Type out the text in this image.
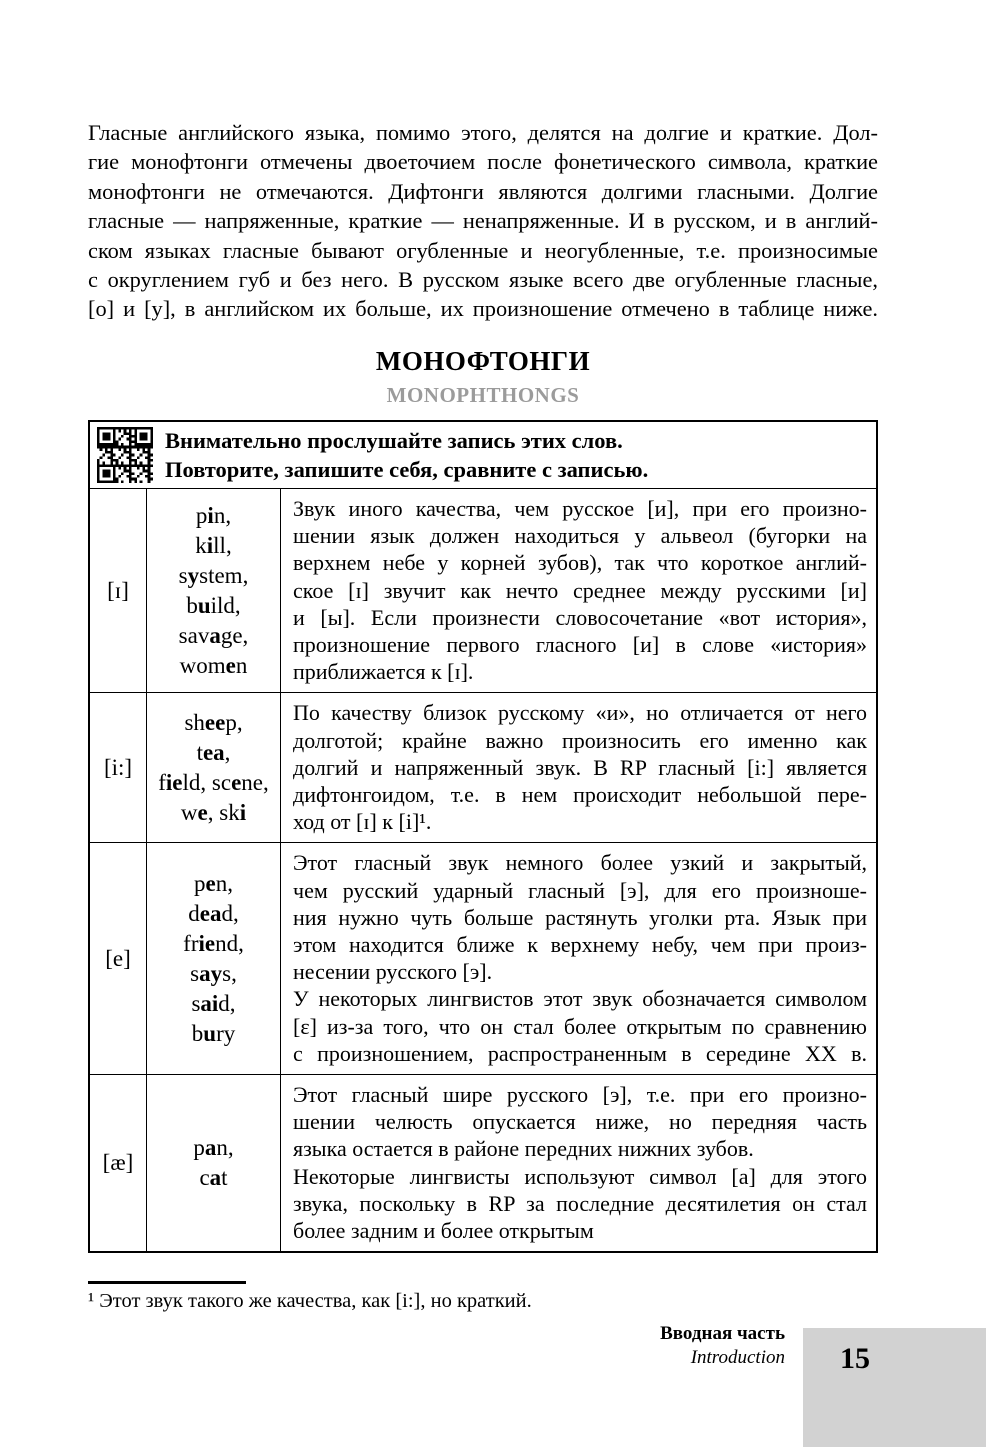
Гласные английского языка, помимо этого, делятся на долгие и краткие. Дол-
гие монофтонги отмечены двоеточием после фонетического символа, краткие
монофтонги не отмечаются. Дифтонги являются долгими гласными. Долгие
гласные — напряженные, краткие — ненапряженные. И в русском, и в англий-
ском языках гласные бывают огубленные и неогубленные, т.е. произносимые
с округлением губ и без него. В русском языке всего две огубленные гласные,
[о] и [у], в английском их больше, их произношение отмечено в таблице ниже.
МОНОФТОНГИ
MONOPHTHONGS
Внимательно прослушайте запись этих слов.
Повторите, запишите себя, сравните с записью.
[ɪ]
pin,
kill,
system,
build,
savage,
women
Звук иного качества, чем русское [и], при его произно-
шении язык должен находиться у альвеол (бугорки на
верхнем небе у корней зубов), так что короткое англий-
ское [ɪ] звучит как нечто среднее между русскими [и]
и [ы]. Если произнести словосочетание «вот история»,
произношение первого гласного [и] в слове «история»
приближается к [ɪ].
[i:]
sheep,
tea,
field, scene,
we, ski
По качеству близок русскому «и», но отличается от него
долготой; крайне важно произносить его именно как
долгий и напряженный звук. В RP гласный [i:] является
дифтонгоидом, т.е. в нем происходит небольшой пере-
ход от [ɪ] к [i]¹.
[e]
pen,
dead,
friend,
says,
said,
bury
Этот гласный звук немного более узкий и закрытый,
чем русский ударный гласный [э], для его произноше-
ния нужно чуть больше растянуть уголки рта. Язык при
этом находится ближе к верхнему небу, чем при произ-
несении русского [э].
У некоторых лингвистов этот звук обозначается символом
[ɛ] из-за того, что он стал более открытым по сравнению
с произношением, распространенным в середине XX в.
[æ]
pan,
cat
Этот гласный шире русского [э], т.е. при его произно-
шении челюсть опускается ниже, но передняя часть
языка остается в районе передних нижних зубов.
Некоторые лингвисты используют символ [a] для этого
звука, поскольку в RP за последние десятилетия он стал
более задним и более открытым
¹ Этот звук такого же качества, как [i:], но краткий.
Вводная часть
Introduction 15
